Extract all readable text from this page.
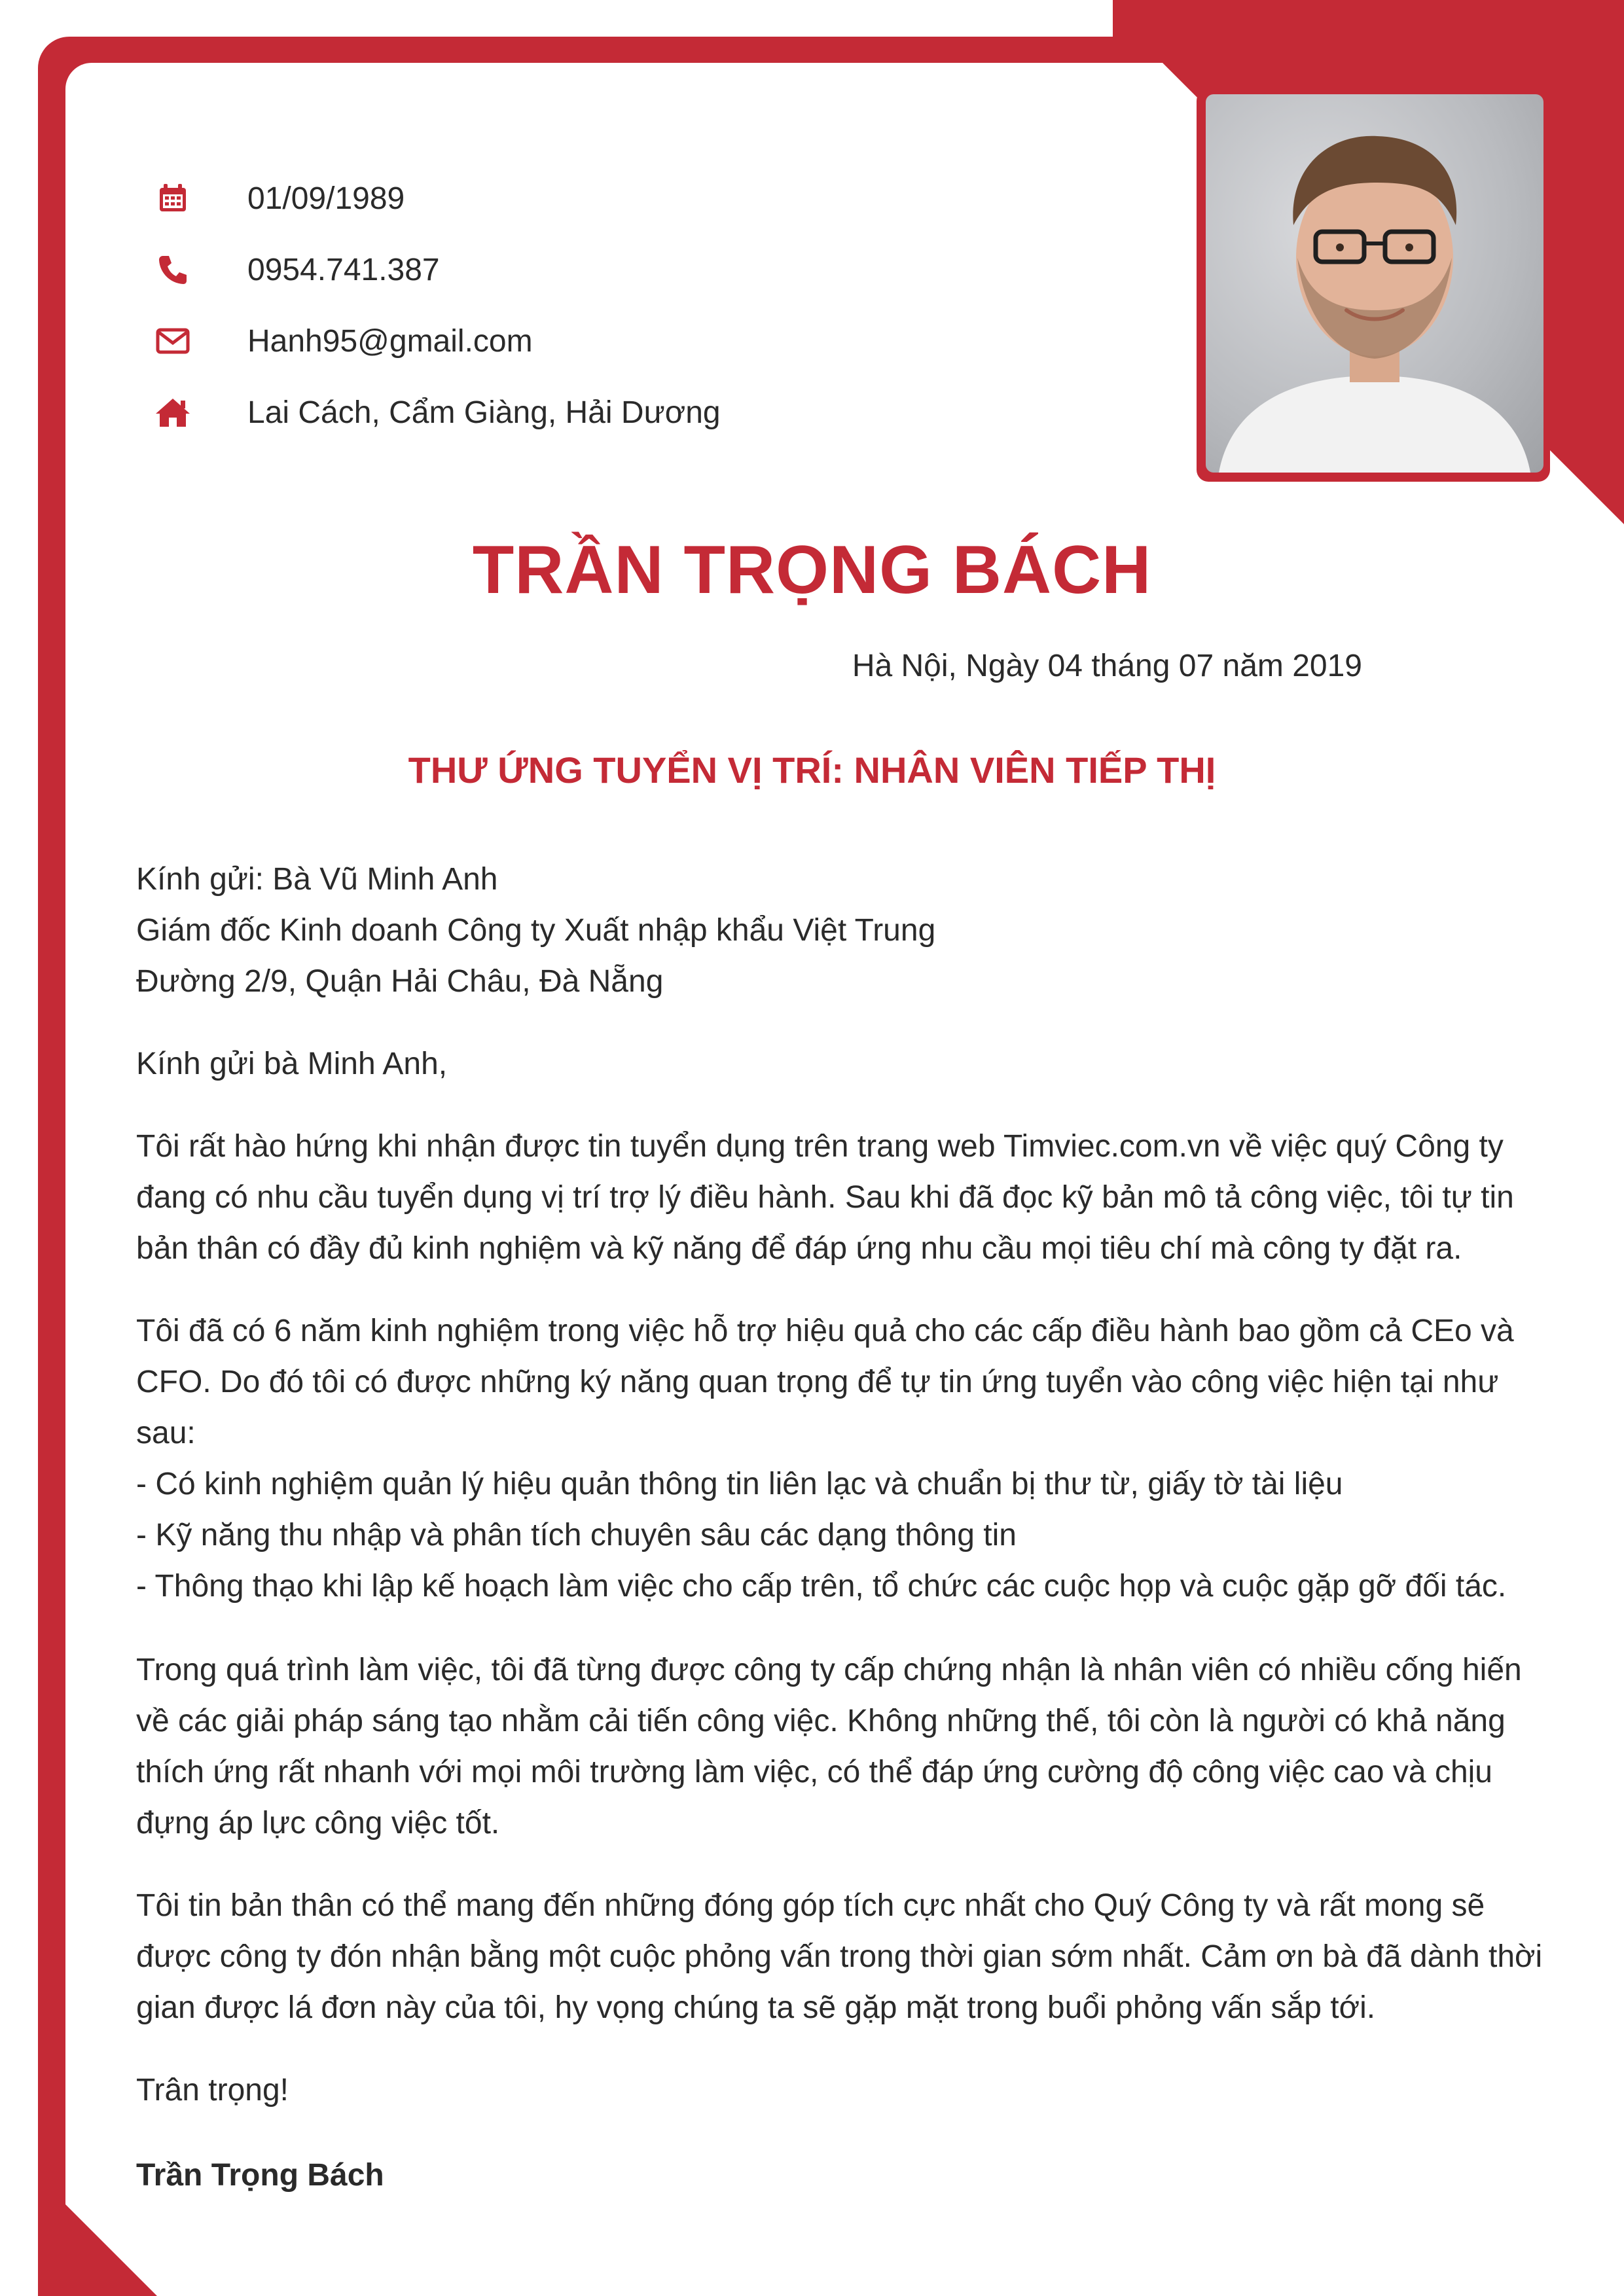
01/09/1989
0954.741.387
Hanh95@gmail.com
Lai Cách, Cẩm Giàng, Hải Dương
TRẦN TRỌNG BÁCH
Hà Nội, Ngày 04 tháng 07 năm 2019
THƯ ỨNG TUYỂN VỊ TRÍ: NHÂN VIÊN TIẾP THỊ
Kính gửi: Bà Vũ Minh Anh
Giám đốc Kinh doanh Công ty Xuất nhập khẩu Việt Trung
Đường 2/9, Quận Hải Châu, Đà Nẵng
Kính gửi bà Minh Anh,
Tôi rất hào hứng khi nhận được tin tuyển dụng trên trang web Timviec.com.vn về việc quý Công ty
đang có nhu cầu tuyển dụng vị trí trợ lý điều hành. Sau khi đã đọc kỹ bản mô tả công việc, tôi tự tin
bản thân có đầy đủ kinh nghiệm và kỹ năng để đáp ứng nhu cầu mọi tiêu chí mà công ty đặt ra.
Tôi đã có 6 năm kinh nghiệm trong việc hỗ trợ hiệu quả cho các cấp điều hành bao gồm cả CEo và
CFO. Do đó tôi có được những ký năng quan trọng để tự tin ứng tuyển vào công việc hiện tại như
sau:
- Có kinh nghiệm quản lý hiệu quản thông tin liên lạc và chuẩn bị thư từ, giấy tờ tài liệu
- Kỹ năng thu nhập và phân tích chuyên sâu các dạng thông tin
- Thông thạo khi lập kế hoạch làm việc cho cấp trên, tổ chức các cuộc họp và cuộc gặp gỡ đối tác.
Trong quá trình làm việc, tôi đã từng được công ty cấp chứng nhận là nhân viên có nhiều cống hiến
về các giải pháp sáng tạo nhằm cải tiến công việc. Không những thế, tôi còn là người có khả năng
thích ứng rất nhanh với mọi môi trường làm việc, có thể đáp ứng cường độ công việc cao và chịu
đựng áp lực công việc tốt.
Tôi tin bản thân có thể mang đến những đóng góp tích cực nhất cho Quý Công ty và rất mong sẽ
được công ty đón nhận bằng một cuộc phỏng vấn trong thời gian sớm nhất. Cảm ơn bà đã dành thời
gian được lá đơn này của tôi, hy vọng chúng ta sẽ gặp mặt trong buổi phỏng vấn sắp tới.
Trân trọng!
Trần Trọng Bách
